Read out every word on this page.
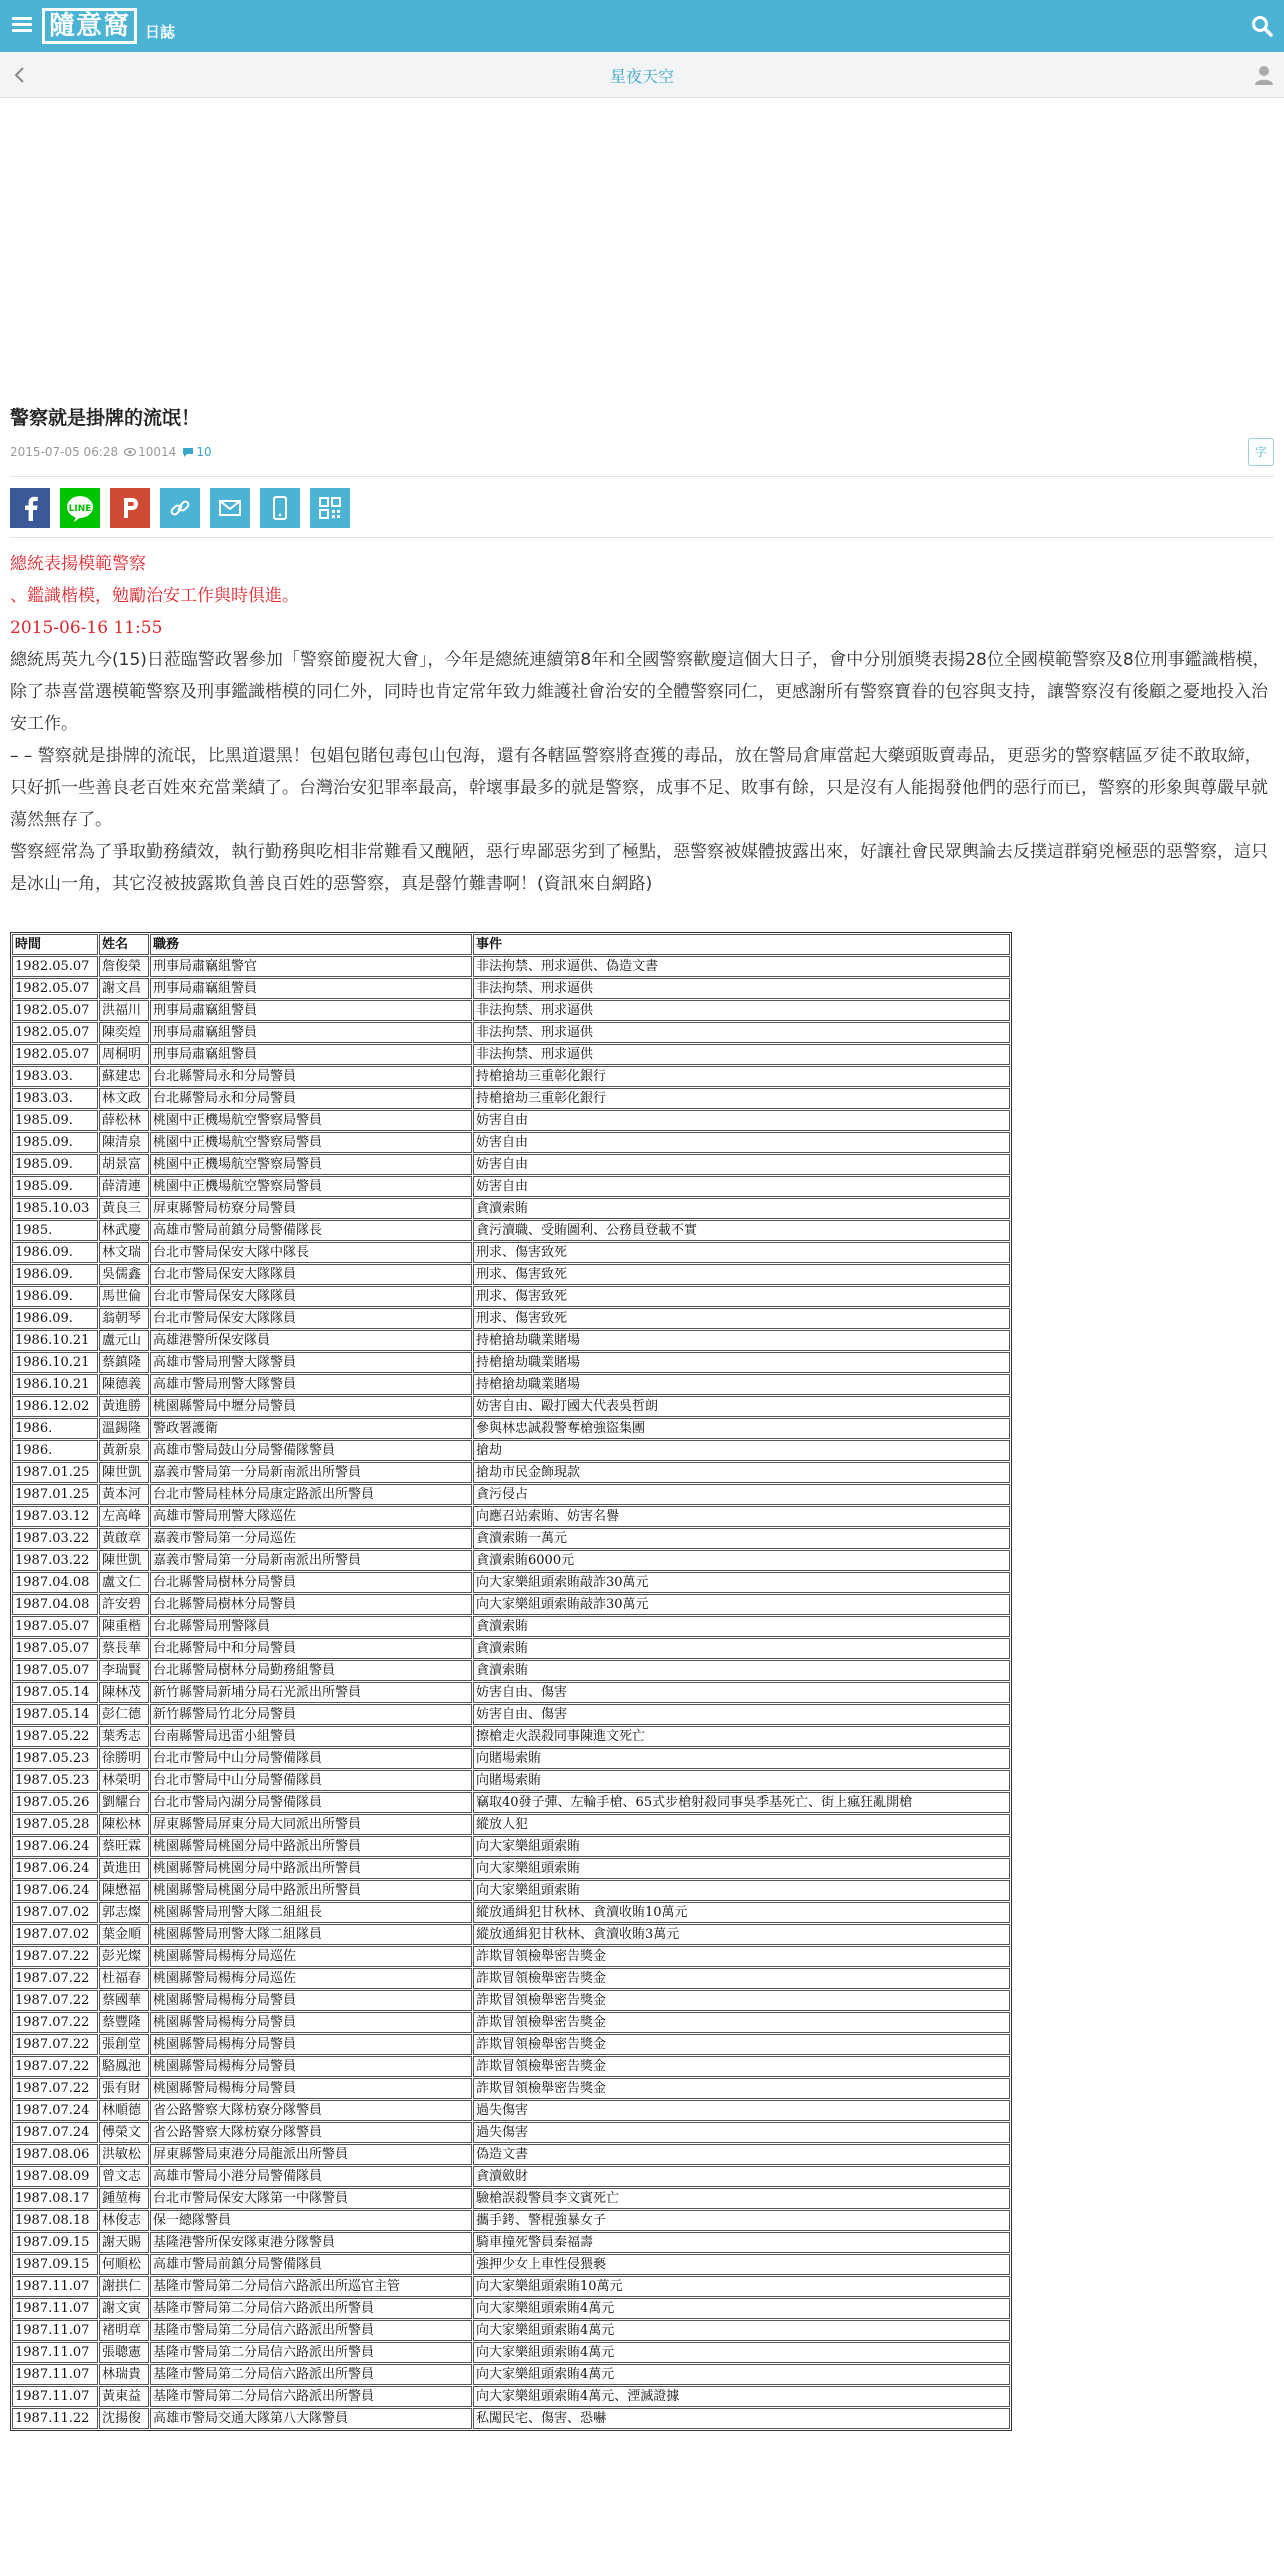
隨意窩	日誌
星夜天空
警察就是掛牌的流氓！
2015-07-05 06:28 10014 10	字
LINE

總統表揚模範警察

、鑑識楷模，勉勵治安工作與時俱進。

2015-06-16 11:55

總統馬英九今(15)日蒞臨警政署參加「警察節慶祝大會」，今年是總統連續第8年和全國警察歡慶這個大日子，會中分別頒獎表揚28位全國模範警察及8位刑事鑑識楷模，除了恭喜當選模範警察及刑事鑑識楷模的同仁外，同時也肯定常年致力維護社會治安的全體警察同仁，更感謝所有警察寶眷的包容與支持，讓警察沒有後顧之憂地投入治安工作。

– – 警察就是掛牌的流氓，比黑道還黑！包娼包賭包毒包山包海，還有各轄區警察將查獲的毒品，放在警局倉庫當起大藥頭販賣毒品，更惡劣的警察轄區歹徒不敢取締，只好抓一些善良老百姓來充當業績了。台灣治安犯罪率最高，幹壞事最多的就是警察，成事不足、敗事有餘，只是沒有人能揭發他們的惡行而已，警察的形象與尊嚴早就蕩然無存了。

警察經常為了爭取勤務績效，執行勤務與吃相非常難看又醜陋，惡行卑鄙惡劣到了極點，惡警察被媒體披露出來，好讓社會民眾輿論去反撲這群窮兇極惡的惡警察，這只是冰山一角，其它沒被披露欺負善良百姓的惡警察，真是罄竹難書啊！(資訊來自網路)

時間	姓名	職務	事件
1982.05.07	詹俊榮	刑事局肅竊組警官	非法拘禁、刑求逼供、偽造文書
1982.05.07	謝文昌	刑事局肅竊組警員	非法拘禁、刑求逼供
1982.05.07	洪福川	刑事局肅竊組警員	非法拘禁、刑求逼供
1982.05.07	陳奕煌	刑事局肅竊組警員	非法拘禁、刑求逼供
1982.05.07	周桐明	刑事局肅竊組警員	非法拘禁、刑求逼供
1983.03.	蘇建忠	台北縣警局永和分局警員	持槍搶劫三重彰化銀行
1983.03.	林文政	台北縣警局永和分局警員	持槍搶劫三重彰化銀行
1985.09.	薛松林	桃園中正機場航空警察局警員	妨害自由
1985.09.	陳清泉	桃園中正機場航空警察局警員	妨害自由
1985.09.	胡景富	桃園中正機場航空警察局警員	妨害自由
1985.09.	薛清連	桃園中正機場航空警察局警員	妨害自由
1985.10.03	黃良三	屏東縣警局枋寮分局警員	貪瀆索賄
1985.	林武慶	高雄市警局前鎮分局警備隊長	貪污瀆職、受賄圖利、公務員登載不實
1986.09.	林文瑞	台北市警局保安大隊中隊長	刑求、傷害致死
1986.09.	吳儒鑫	台北市警局保安大隊隊員	刑求、傷害致死
1986.09.	馬世倫	台北市警局保安大隊隊員	刑求、傷害致死
1986.09.	翁朝琴	台北市警局保安大隊隊員	刑求、傷害致死
1986.10.21	盧元山	高雄港警所保安隊員	持槍搶劫職業賭場
1986.10.21	蔡鎮隆	高雄市警局刑警大隊警員	持槍搶劫職業賭場
1986.10.21	陳德義	高雄市警局刑警大隊警員	持槍搶劫職業賭場
1986.12.02	黃進勝	桃園縣警局中壢分局警員	妨害自由、毆打國大代表吳哲朗
1986.	溫錫隆	警政署護衛	參與林忠誠殺警奪槍強盜集團
1986.	黃新泉	高雄市警局鼓山分局警備隊警員	搶劫
1987.01.25	陳世凱	嘉義市警局第一分局新南派出所警員	搶劫市民金飾現款
1987.01.25	黃本河	台北市警局桂林分局康定路派出所警員	貪污侵占
1987.03.12	左高峰	高雄市警局刑警大隊巡佐	向應召站索賄、妨害名譽
1987.03.22	黃啟章	嘉義市警局第一分局巡佐	貪瀆索賄一萬元
1987.03.22	陳世凱	嘉義市警局第一分局新南派出所警員	貪瀆索賄6000元
1987.04.08	盧文仁	台北縣警局樹林分局警員	向大家樂組頭索賄敲詐30萬元
1987.04.08	許安碧	台北縣警局樹林分局警員	向大家樂組頭索賄敲詐30萬元
1987.05.07	陳重楷	台北縣警局刑警隊員	貪瀆索賄
1987.05.07	蔡長華	台北縣警局中和分局警員	貪瀆索賄
1987.05.07	李瑞賢	台北縣警局樹林分局勤務組警員	貪瀆索賄
1987.05.14	陳林茂	新竹縣警局新埔分局石光派出所警員	妨害自由、傷害
1987.05.14	彭仁德	新竹縣警局竹北分局警員	妨害自由、傷害
1987.05.22	葉秀志	台南縣警局迅雷小組警員	擦槍走火誤殺同事陳進文死亡
1987.05.23	徐勝明	台北市警局中山分局警備隊員	向賭場索賄
1987.05.23	林榮明	台北市警局中山分局警備隊員	向賭場索賄
1987.05.26	劉耀台	台北市警局內湖分局警備隊員	竊取40發子彈、左輪手槍、65式步槍射殺同事吳季基死亡、街上瘋狂亂開槍
1987.05.28	陳松林	屏東縣警局屏東分局大同派出所警員	縱放人犯
1987.06.24	蔡旺霖	桃園縣警局桃園分局中路派出所警員	向大家樂組頭索賄
1987.06.24	黃進田	桃園縣警局桃園分局中路派出所警員	向大家樂組頭索賄
1987.06.24	陳懋福	桃園縣警局桃園分局中路派出所警員	向大家樂組頭索賄
1987.07.02	郭志燦	桃園縣警局刑警大隊二組組長	縱放通緝犯甘秋林、貪瀆收賄10萬元
1987.07.02	葉金順	桃園縣警局刑警大隊二組隊員	縱放通緝犯甘秋林、貪瀆收賄3萬元
1987.07.22	彭光燦	桃園縣警局楊梅分局巡佐	詐欺冒領檢舉密告獎金
1987.07.22	杜福春	桃園縣警局楊梅分局巡佐	詐欺冒領檢舉密告獎金
1987.07.22	蔡國華	桃園縣警局楊梅分局警員	詐欺冒領檢舉密告獎金
1987.07.22	蔡豐隆	桃園縣警局楊梅分局警員	詐欺冒領檢舉密告獎金
1987.07.22	張創堂	桃園縣警局楊梅分局警員	詐欺冒領檢舉密告獎金
1987.07.22	駱鳳池	桃園縣警局楊梅分局警員	詐欺冒領檢舉密告獎金
1987.07.22	張有財	桃園縣警局楊梅分局警員	詐欺冒領檢舉密告獎金
1987.07.24	林順德	省公路警察大隊枋寮分隊警員	過失傷害
1987.07.24	傅榮文	省公路警察大隊枋寮分隊警員	過失傷害
1987.08.06	洪敏松	屏東縣警局東港分局龍派出所警員	偽造文書
1987.08.09	曾文志	高雄市警局小港分局警備隊員	貪瀆斂財
1987.08.17	鍾堃梅	台北市警局保安大隊第一中隊警員	驗槍誤殺警員李文賓死亡
1987.08.18	林俊志	保一總隊警員	攜手銬、警棍強暴女子
1987.09.15	謝天賜	基隆港警所保安隊東港分隊警員	騎車撞死警員秦福壽
1987.09.15	何順松	高雄市警局前鎮分局警備隊員	強押少女上車性侵猥褻
1987.11.07	謝拱仁	基隆市警局第二分局信六路派出所巡官主管	向大家樂組頭索賄10萬元
1987.11.07	謝文寅	基隆市警局第二分局信六路派出所警員	向大家樂組頭索賄4萬元
1987.11.07	褚明章	基隆市警局第二分局信六路派出所警員	向大家樂組頭索賄4萬元
1987.11.07	張聰憲	基隆市警局第二分局信六路派出所警員	向大家樂組頭索賄4萬元
1987.11.07	林瑞貴	基隆市警局第二分局信六路派出所警員	向大家樂組頭索賄4萬元
1987.11.07	黃東益	基隆市警局第二分局信六路派出所警員	向大家樂組頭索賄4萬元、湮滅證據
1987.11.22	沈揚俊	高雄市警局交通大隊第八大隊警員	私闖民宅、傷害、恐嚇
